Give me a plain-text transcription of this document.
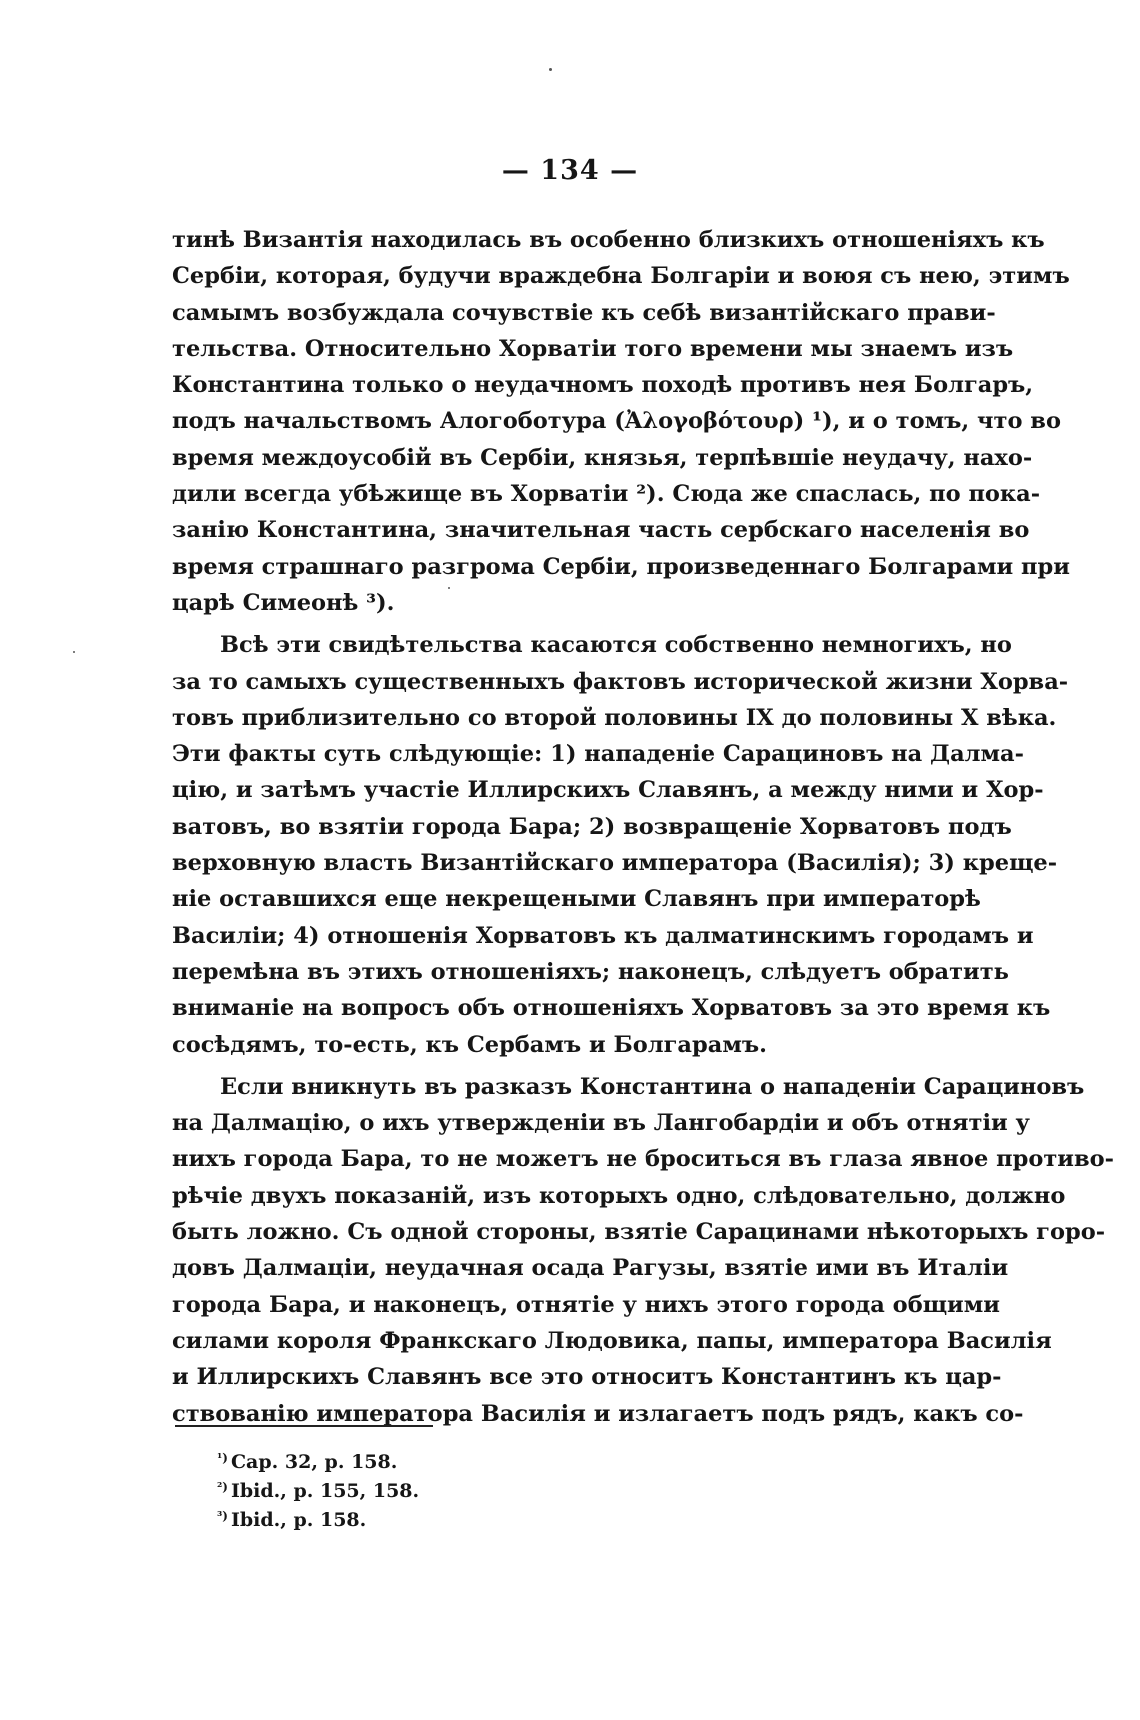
— 134 —
тинѣ Византія находилась въ особенно близкихъ отношеніяхъ къ
Сербіи, которая, будучи враждебна Болгаріи и воюя съ нею, этимъ
самымъ возбуждала сочувствіе къ себѣ византійскаго прави-
тельства. Относительно Хорватіи того времени мы знаемъ изъ
Константина только о неудачномъ походѣ противъ нея Болгаръ,
подъ начальствомъ Алогоботура (Ἀλογοβότουρ) ¹), и о томъ, что во
время междоусобій въ Сербіи, князья, терпѣвшіе неудачу, нахо-
дили всегда убѣжище въ Хорватіи ²). Сюда же спаслась, по пока-
занію Константина, значительная часть сербскаго населенія во
время страшнаго разгрома Сербіи, произведеннаго Болгарами при
царѣ Симеонѣ ³).
Всѣ эти свидѣтельства касаются собственно немногихъ, но
за то самыхъ существенныхъ фактовъ исторической жизни Хорва-
товъ приблизительно со второй половины IX до половины X вѣка.
Эти факты суть слѣдующіе: 1) нападеніе Сарациновъ на Далма-
цію, и затѣмъ участіе Иллирскихъ Славянъ, а между ними и Хор-
ватовъ, во взятіи города Бара; 2) возвращеніе Хорватовъ подъ
верховную власть Византійскаго императора (Василія); 3) креще-
ніе оставшихся еще некрещеными Славянъ при императорѣ
Василіи; 4) отношенія Хорватовъ къ далматинскимъ городамъ и
перемѣна въ этихъ отношеніяхъ; наконецъ, слѣдуетъ обратить
вниманіе на вопросъ объ отношеніяхъ Хорватовъ за это время къ
сосѣдямъ, то-есть, къ Сербамъ и Болгарамъ.
Если вникнуть въ разказъ Константина о нападеніи Сарациновъ
на Далмацію, о ихъ утвержденіи въ Лангобардіи и объ отнятіи у
нихъ города Бара, то не можетъ не броситься въ глаза явное противо-
рѣчіе двухъ показаній, изъ которыхъ одно, слѣдовательно, должно
быть ложно. Съ одной стороны, взятіе Сарацинами нѣкоторыхъ горо-
довъ Далмаціи, неудачная осада Рагузы, взятіе ими въ Италіи
города Бара, и наконецъ, отнятіе у нихъ этого города общими
силами короля Франкскаго Людовика, папы, императора Василія
и Иллирскихъ Славянъ все это относитъ Константинъ къ цар-
ствованію императора Василія и излагаетъ подъ рядъ, какъ со-
$^{^1)}$ Cap. 32, p. 158.
$^{^2)}$ Ibid., p. 155, 158.
$^{^3)}$ Ibid., p. 158.
